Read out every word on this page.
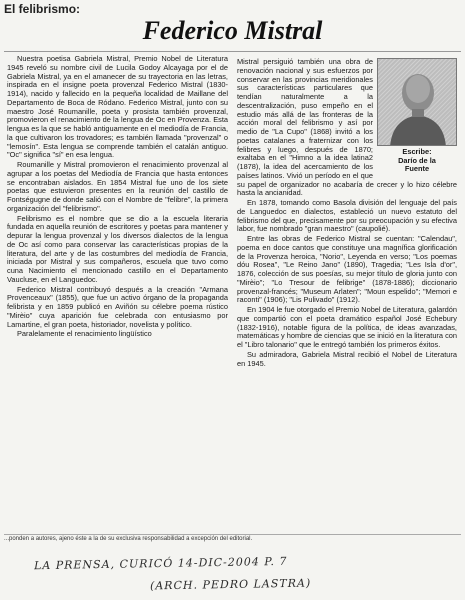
El felibrismo:
Federico Mistral

Nuestra poetisa Gabriela Mistral, Premio Nobel de Literatura 1945 reveló su nombre civil de Lucila Godoy Alcayaga por el de Gabriela Mistral, ya en el amanecer de su trayectoria en las letras, inspirada en el insigne poeta provenzal Federico Mistral (1830-1914), nacido y fallecido en la pequeña localidad de Maillane del Departamento de Boca de Ródano. Federico Mistral, junto con su maestro José Roumanille, poeta y prosista también provenzal, promovieron el renacimiento de la lengua de Oc en Provenza. Esta lengua es la que se habló antiguamente en el mediodía de Francia, la que cultivaron los trovadores; es también llamada "provenzal" o "lemosín". Esta lengua se comprende también el catalán antiguo. "Oc" significa "sí" en esa lengua.

Roumanille y Mistral promovieron el renacimiento provenzal al agrupar a los poetas del Mediodía de Francia que hasta entonces se encontraban aislados. En 1854 Mistral fue uno de los siete poetas que estuvieron presentes en la reunión del castillo de Fontségugne de donde salió con el Nombre de "felibre", la primera organización del "felibrismo".

Felibrismo es el nombre que se dio a la escuela literaria fundada en aquella reunión de escritores y poetas para mantener y depurar la lengua provenzal y los diversos dialectos de la lengua de Oc así como para conservar las características propias de la literatura, del arte y de las costumbres del mediodía de Francia, iniciada por Mistral y sus compañeros, escuela que tuvo como cuna Nacimiento el mencionado castillo en el Departamento Vaucluse, en el Languedoc.

Federico Mistral contribuyó después a la creación "Armana Provenceaux" (1855), que fue un activo órgano de la propaganda felibrista y en 1859 publicó en Aviñón su célebre poema rústico "Mirèio" cuya aparición fue celebrada con entusiasmo por Lamartine, el gran poeta, historiador, novelista y político.

Paralelamente el renacimiento lingüístico

Escribe:
Darío de la
Fuente

Mistral persiguió también una obra de renovación nacional y sus esfuerzos por conservar en las provincias meridionales sus características particulares que tendían naturalmente a la descentralización, puso empeño en el estudio más allá de las fronteras de la acción moral del felibrismo y así por medio de "La Cupo" (1868) invitó a los poetas catalanes a fraternizar con los felibres y luego, después de 1870; exaltaba en el "Himno a la idea latina2 (1878), la idea del acercamiento de los países latinos. Vivió un período en el que su papel de organizador no acabaría de crecer y lo hizo célebre hasta la ancianidad.

En 1878, tomando como Basola división del lenguaje del país de Languedoc en dialectos, estableció un nuevo estatuto del felibrismo del que, precisamente por su preocupación y su efectiva labor, fue nombrado "gran maestro" (caupolié).

Entre las obras de Federico Mistral se cuentan: "Calendau", poema en doce cantos que constituye una magnífica glorificación de la Provenza heroica, "Norio", Leyenda en verso; "Los poemas dóu Rosea", "Le Reino Jano" (1890), Tragedia; "Les Isla d'or", 1876, colección de sus poesías, su mejor título de gloria junto con "Mirèio"; "Lo Tresour de felibrige" (1878-1886); diccionario provenzal-francés; "Museum Arlaten"; "Moun espelido"; "Memori e raconti" (1906); "Lis Pulivado" (1912).

En 1904 le fue otorgado el Premio Nobel de Literatura, galardón que compartió con el poeta dramático español José Echebury (1832-1916), notable figura de la política, de ideas avanzadas, matemáticas y hombre de ciencias que se inició en la literatura con el "Libro talonario" que le entregó también los primeros éxitos.

Su admiradora, Gabriela Mistral recibió el Nobel de Literatura en 1945.

...ponden a autores, ajeno éste a la de su exclusiva responsabilidad a excepción del editorial.
LA PRENSA, CURICÓ 14-DIC-2004 P. 7
(ARCH. PEDRO LASTRA)
